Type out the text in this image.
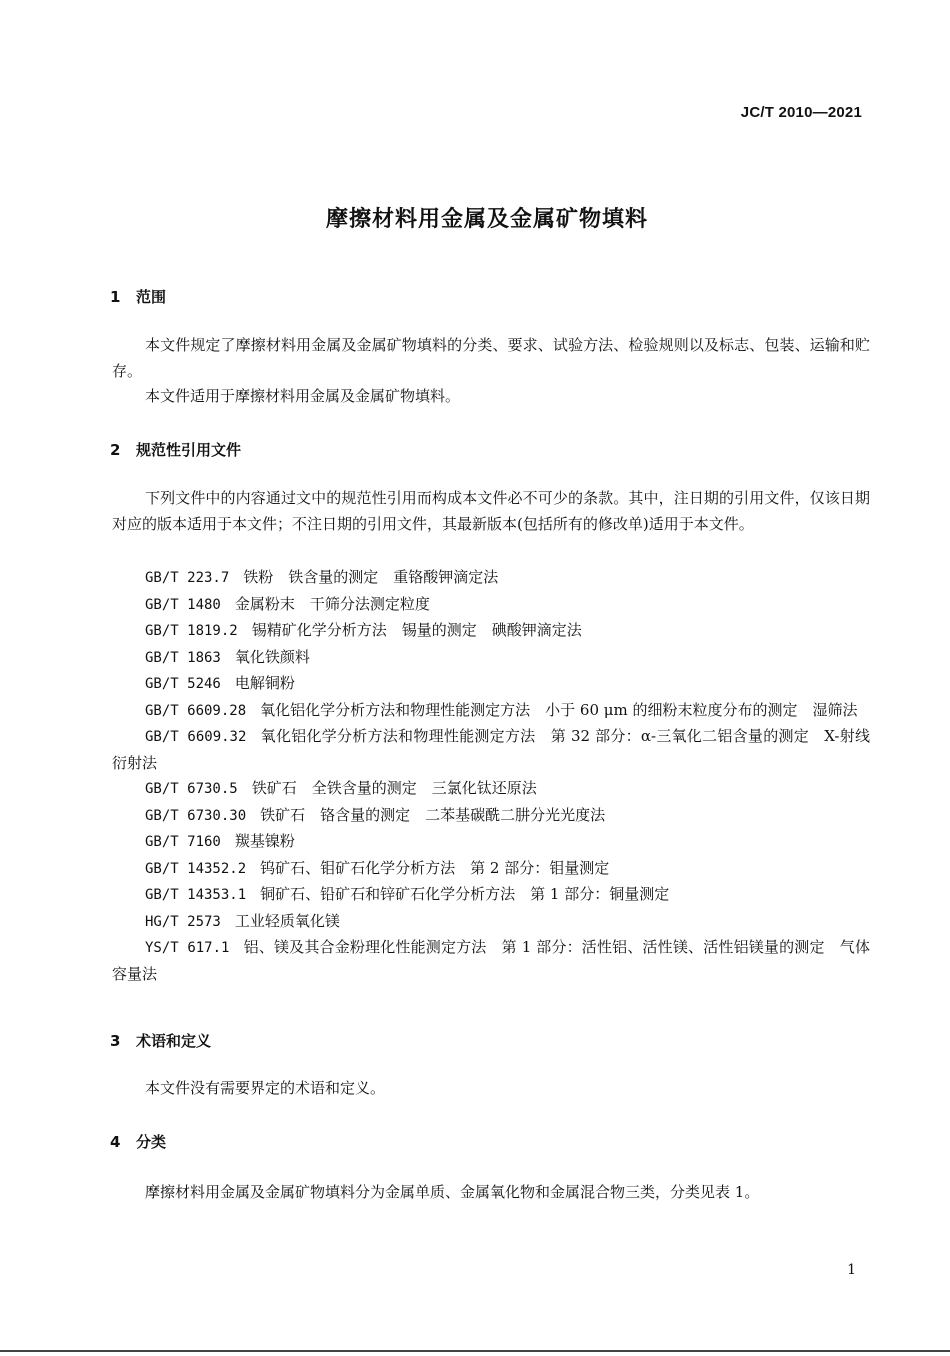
JC/T 2010—2021
摩擦材料用金属及金属矿物填料
1 范围

本文件规定了摩擦材料用金属及金属矿物填料的分类、要求、试验方法、检验规则以及标志、包装、运输和贮存。

本文件适用于摩擦材料用金属及金属矿物填料。

2 规范性引用文件

下列文件中的内容通过文中的规范性引用而构成本文件必不可少的条款。其中，注日期的引用文件，仅该日期对应的版本适用于本文件；不注日期的引用文件，其最新版本(包括所有的修改单)适用于本文件。

GB/T 223.7 铁粉　铁含量的测定　重铬酸钾滴定法

GB/T 1480 金属粉末　干筛分法测定粒度

GB/T 1819.2 锡精矿化学分析方法　锡量的测定　碘酸钾滴定法

GB/T 1863 氧化铁颜料

GB/T 5246 电解铜粉

GB/T 6609.28 氧化铝化学分析方法和物理性能测定方法　小于 60 μm 的细粉末粒度分布的测定　湿筛法

GB/T 6609.32 氧化铝化学分析方法和物理性能测定方法　第 32 部分：α-三氧化二铝含量的测定　X-射线衍射法

GB/T 6730.5 铁矿石　全铁含量的测定　三氯化钛还原法

GB/T 6730.30 铁矿石　铬含量的测定　二苯基碳酰二肼分光光度法

GB/T 7160 羰基镍粉

GB/T 14352.2 钨矿石、钼矿石化学分析方法　第 2 部分：钼量测定

GB/T 14353.1 铜矿石、铅矿石和锌矿石化学分析方法　第 1 部分：铜量测定

HG/T 2573 工业轻质氧化镁

YS/T 617.1 铝、镁及其合金粉理化性能测定方法　第 1 部分：活性铝、活性镁、活性铝镁量的测定　气体容量法

3 术语和定义

本文件没有需要界定的术语和定义。

4 分类

摩擦材料用金属及金属矿物填料分为金属单质、金属氧化物和金属混合物三类，分类见表 1。

1
